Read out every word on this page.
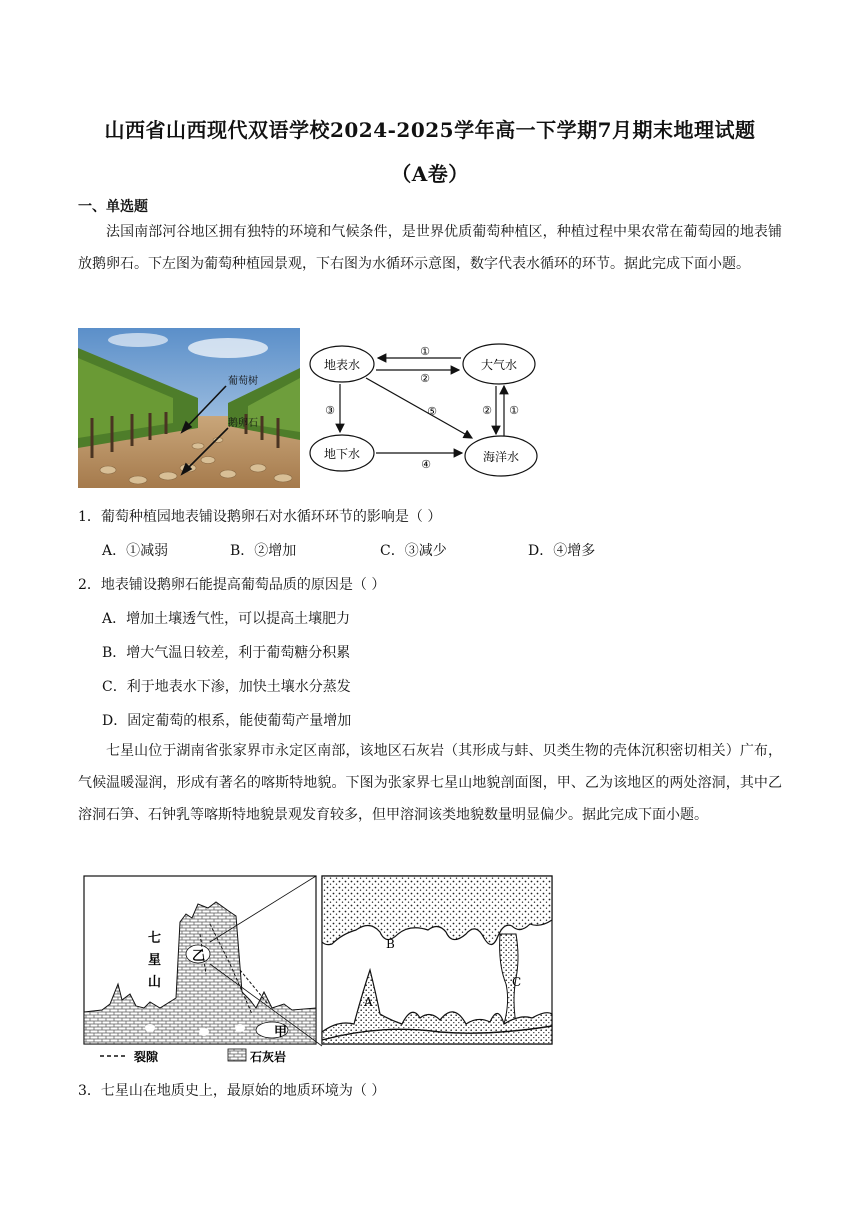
山西省山西现代双语学校2024-2025学年高一下学期7月期末地理试题
（A卷）
一、单选题
法国南部河谷地区拥有独特的环境和气候条件，是世界优质葡萄种植区，种植过程中果农常在葡萄园的地表铺放鹅卵石。下左图为葡萄种植园景观，下右图为水循环示意图，数字代表水循环的环节。据此完成下面小题。
葡萄树
鹅卵石
地表水	大气水
地下水	海洋水
①
②
③
④
⑤	② ①
1．葡萄种植园地表铺设鹅卵石对水循环环节的影响是（ ）
A．①减弱	B．②增加	C．③减少	D．④增多
2．地表铺设鹅卵石能提高葡萄品质的原因是（ ）
A．增加土壤透气性，可以提高土壤肥力
B．增大气温日较差，利于葡萄糖分积累
C．利于地表水下渗，加快土壤水分蒸发
D．固定葡萄的根系，能使葡萄产量增加
七星山位于湖南省张家界市永定区南部，该地区石灰岩（其形成与蚌、贝类生物的壳体沉积密切相关）广布，气候温暖湿润，形成有著名的喀斯特地貌。下图为张家界七星山地貌剖面图，甲、乙为该地区的两处溶洞，其中乙溶洞石笋、石钟乳等喀斯特地貌景观发育较多，但甲溶洞该类地貌数量明显偏少。据此完成下面小题。
七
星
山
乙
甲
B
A
C
裂隙	石灰岩
3．七星山在地质史上，最原始的地质环境为（ ）
